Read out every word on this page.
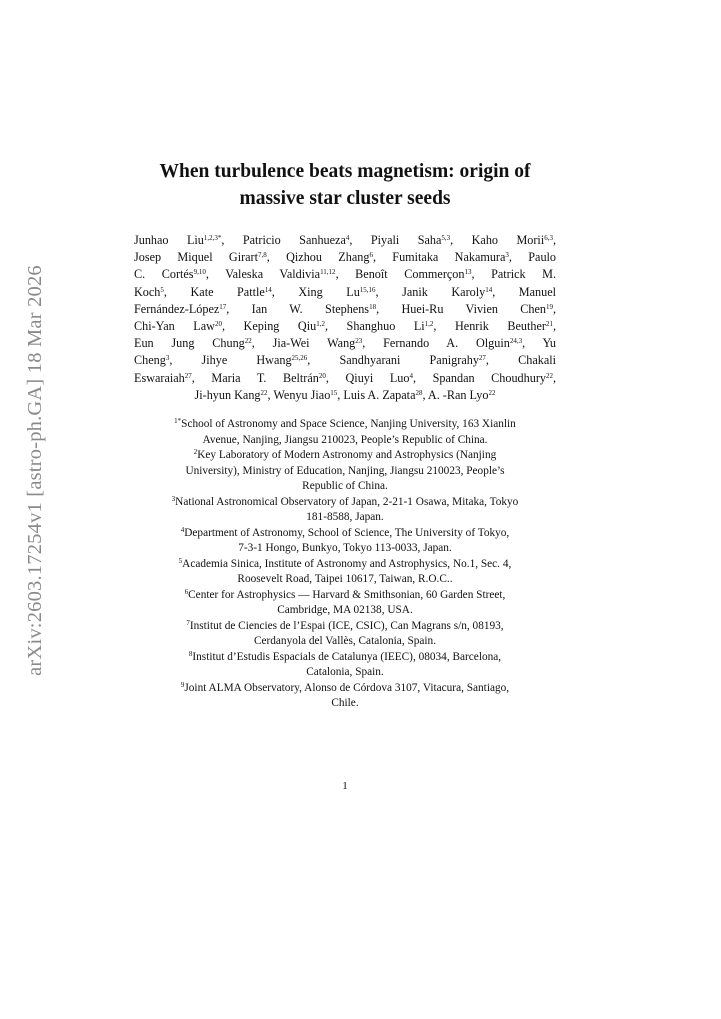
arXiv:2603.17254v1 [astro-ph.GA] 18 Mar 2026
When turbulence beats magnetism: origin of
massive star cluster seeds
Junhao Liu$^{1,2,3*}$, Patricio Sanhueza$^4$, Piyali Saha$^{5,3}$, Kaho Morii$^{6,3}$,
Josep Miquel Girart$^{7,8}$, Qizhou Zhang$^6$, Fumitaka Nakamura$^3$, Paulo
C. Cortés$^{9,10}$, Valeska Valdivia$^{11,12}$, Benoît Commerçon$^{13}$, Patrick M.
Koch$^5$, Kate Pattle$^{14}$, Xing Lu$^{15,16}$, Janik Karoly$^{14}$, Manuel
Fernández-López$^{17}$, Ian W. Stephens$^{18}$, Huei-Ru Vivien Chen$^{19}$,
Chi-Yan Law$^{20}$, Keping Qiu$^{1,2}$, Shanghuo Li$^{1,2}$, Henrik Beuther$^{21}$,
Eun Jung Chung$^{22}$, Jia-Wei Wang$^{23}$, Fernando A. Olguin$^{24,3}$, Yu
Cheng$^3$, Jihye Hwang$^{25,26}$, Sandhyarani Panigrahy$^{27}$, Chakali
Eswaraiah$^{27}$, Maria T. Beltrán$^{20}$, Qiuyi Luo$^4$, Spandan Choudhury$^{22}$,
Ji-hyun Kang$^{22}$, Wenyu Jiao$^{15}$, Luis A. Zapata$^{28}$, A. -Ran Lyo$^{22}$
$^{1*}$School of Astronomy and Space Science, Nanjing University, 163 Xianlin
Avenue, Nanjing, Jiangsu 210023, People’s Republic of China.
$^2$Key Laboratory of Modern Astronomy and Astrophysics (Nanjing
University), Ministry of Education, Nanjing, Jiangsu 210023, People’s
Republic of China.
$^3$National Astronomical Observatory of Japan, 2-21-1 Osawa, Mitaka, Tokyo
181-8588, Japan.
$^4$Department of Astronomy, School of Science, The University of Tokyo,
7-3-1 Hongo, Bunkyo, Tokyo 113-0033, Japan.
$^5$Academia Sinica, Institute of Astronomy and Astrophysics, No.1, Sec. 4,
Roosevelt Road, Taipei 10617, Taiwan, R.O.C..
$^6$Center for Astrophysics — Harvard & Smithsonian, 60 Garden Street,
Cambridge, MA 02138, USA.
$^7$Institut de Ciencies de l’Espai (ICE, CSIC), Can Magrans s/n, 08193,
Cerdanyola del Vallès, Catalonia, Spain.
$^8$Institut d’Estudis Espacials de Catalunya (IEEC), 08034, Barcelona,
Catalonia, Spain.
$^9$Joint ALMA Observatory, Alonso de Córdova 3107, Vitacura, Santiago,
Chile.
1
